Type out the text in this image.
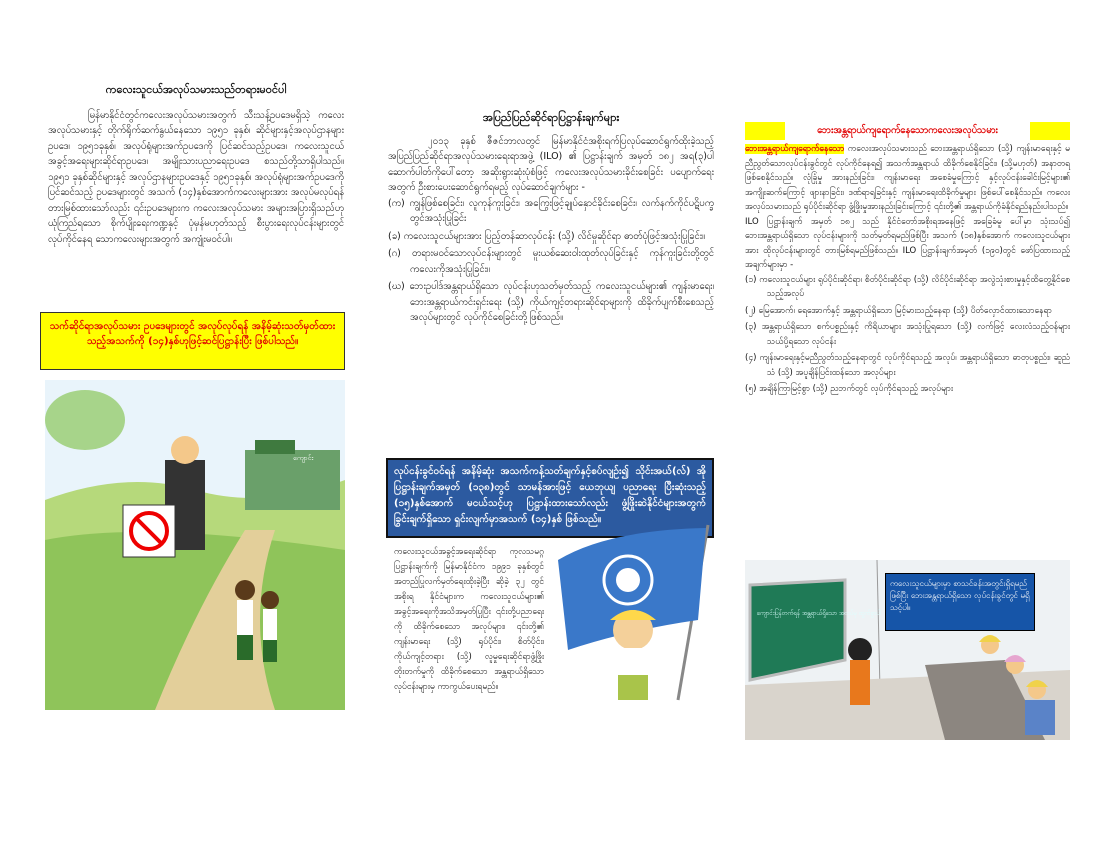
ကလေးသူငယ်အလုပ်သမားသည်တရားမဝင်ပါ

မြန်မာနိုင်ငံတွင်ကလေးအလုပ်သမားအတွက် သီးသန့်ဥပဒေမရှိသဲ့ ကလေးအလုပ်သမားနှင့် တိုက်ရိုက်ဆက်နွယ်နေသော ၁၉၅၁ ခုနှစ်၊ ဆိုင်များနှင့်အလုပ်ဌာနများ ဥပဒေ၊ ၁၉၅၁ခုနှစ်၊ အလုပ်ရုံများအက်ဥပဒေကို ပြင်ဆင်သည့်ဥပဒေ၊ ကလေးသူငယ်အခွင့်အရေးများဆိုင်ရာဥပဒေ၊ အမျိုးသားပညာရေးဥပဒေ စသည်တို့သာရှိပါသည်။ ၁၉၅၁ ခုနှစ်ဆိုင်များနှင့် အလုပ်ဌာနများဥပဒေနှင့် ၁၉၅၁ခုနှစ်၊ အလုပ်ရုံများအက်ဥပဒေကို ပြင်ဆင်သည့် ဥပဒေများတွင် အသက် (၁၄)နှစ်အောက်ကလေးများအား အလုပ်မလုပ်ရန်တားမြစ်ထားသော်လည်း ၎င်းဥပဒေများက ကလေးအလုပ်သမား အများအပြားရှိသည်ဟု ယုံကြည်ရသော စိုက်ပျိုးရေးကဏ္ဍနှင့် ပုံမှန်မဟုတ်သည့် စီးပွားရေးလုပ်ငန်းများတွင်လုပ်ကိုင်နေရ သောကလေးများအတွက် အကျုံးမဝင်ပါ။

သက်ဆိုင်ရာအလုပ်သမား ဥပဒေများတွင် အလုပ်လုပ်ရန် အနိမ့်ဆုံးသတ်မှတ်ထားသည့်အသက်ကို (၁၄)နှစ်ဟုဖြင့်ဆင်ပြဋ္ဌာန်းပြီး ဖြစ်ပါသည်။
ကျောင်း
အပြည်ပြည်ဆိုင်ရာပြဋ္ဌာန်းချက်များ

၂၀၁၃ ခုနှစ် ဇီဇင်ဘာလတွင် မြန်မာနိုင်ငံအစိုးရက်ပြလုပ်ဆောင်ရွက်ထိုးခဲ့သည့် အပြည်ပြည်ဆိုင်ရာအလုပ်သမားရေးရာအဖွဲ့ (ILO) ၏ ပြဋ္ဌာန်းချက် အမှတ် ၁၈၂ အရ(၃)ပါ ဆောက်ပါတ်ကိုပေါ်တော့ အဆိုးရွားဆုံးပုံစံဖြင့် ကလေးအလုပ်သမားခိုင်းစေခြင်း ပပျောက်ရေးအတွက် ဦးစားပေးဆောင်ရွက်ရမည့် လုပ်ဆောင်ချက်များ -

(က) ကျွန်ဖြစ်စေခြင်း၊ လူကုန်ကူးခြင်း၊ အကြွေးဖြင့်ချုပ်နှောင်ခိုင်းစေခြင်း၊ လက်နက်ကိုင်ပဋိပက္ခတွင်အသုံးပြုခြင်း
(ခ) ကလေးသူငယ်များအား ပြည့်တန်ဆာလုပ်ငန်း (သို့) လိင်မှုဆိုင်ရာ ဓာတ်ပုံဖြင့်အသုံးပြုခြင်း။
(ဂ) တရားမဝင်သောလုပ်ငန်းများတွင် မူးယစ်ဆေးဝါးထုတ်လုပ်ခြင်းနှင့် ကုန်ကူးခြင်းတို့တွင် ကလေးကိုအသုံးပြုခြင်း။
(ဃ) ဘေးဥပါဒ်အန္တရာယ်ရှိသော လုပ်ငန်းဟုသတ်မှတ်သည့် ကလေးသူငယ်များ၏ ကျန်းမာရေး၊ ဘေးအန္တရာယ်ကင်းရှင်းရေး (သို့) ကိုယ်ကျင့်တရားဆိုင်ရာများကို ထိခိုက်ပျက်စီးစေသည့် အလုပ်များတွင် လုပ်ကိုင်စေခြင်းတို့ဖြစ်သည်။
လုပ်ငန်းခွင်ဝင်ရန် အနိမ့်ဆုံး အသက်ကန့်သတ်ချက်နှင့်စပ်လျဉ်း၍ သိုင်းအယ်(လ်) အိုပြဋ္ဌာန်းချက်အမှတ် (၁၃၈)တွင် သာမန်အားဖြင့် ယေဘုယျ ပညာရေး ပြီးဆုံးသည့် (၁၅)နှစ်အောက် မငယ်သင့်ဟု ပြဋ္ဌာန်းထားသော်လည်း ဖွံ့ဖြိုးဆဲနိုင်ငံများအတွက် ခြွင်းချက်ရှိသော ရှင်းလျက်မှာအသက် (၁၄)နှစ် ဖြစ်သည်။
ကလေးသူငယ်အခွင့်အရေးဆိုင်ရာ ကုလသမဂ္ဂပြဋ္ဌာန်းချက်ကို မြန်မာနိုင်ငံက ၁၉၉၁ ခုနှစ်တွင်အတည်ပြုလက်မှတ်ရေးထိုးခဲ့ပြီး ဆိုခဲ့ ၃၂ တွင် အစိုးရ နိုင်ငံများက ကလေးသူငယ်များ၏ အခွင့်အရေးကိုအသိအမှတ်ပြုပြီး ၎င်းတို့ပညာရေးကို ထိခိုက်စေသော အလုပ်များ၊ ၎င်းတို့၏ ကျန်းမာရေး (သို့) ရုပ်ပိုင်း၊ စိတ်ပိုင်း၊ ကိုယ်ကျင့်တရား (သို့) လူမှုရေးဆိုင်ရာဖွံ့ဖြိုးတိုးတက်မှုကို ထိခိုက်စေသော အန္တရာယ်ရှိသောလုပ်ငန်းများမှ ကာကွယ်ပေးရမည်။
ဘေးအန္တရာယ်ကျရောက်နေသောကလေးအလုပ်သမား

ဘေးအန္တရာယ်ကျရောက်နေသော ကလေးအလုပ်သမားသည် ဘေးအန္တရာယ်ရှိသော (သို့) ကျန်းမာရေးနှင့် မညီညွတ်သောလုပ်ငန်းခွင်တွင် လုပ်ကိုင်နေရ၍ အသက်အန္တရာယ် ထိခိုက်စေနိုင်ခြင်း၊ (သို့မဟုတ်) အနာတရဖြစ်စေနိုင်သည်။ လုံခြုံမှု အားနည်းခြင်း၊ ကျန်းမာရေး အစေခံမှုကြောင့် နှင့်လုပ်ငန်းခေါင်းမြင့်များ၏ အကျိုးဆက်ကြောင့် ဖျားနာခြင်း၊ ဒဏ်ရာရခြင်းနှင့် ကျန်းမာရေးထိခိုက်မှုများ ဖြစ်ပေါ်စေနိုင်သည်။ ကလေးအလုပ်သမားသည် ရုပ်ပိုင်းဆိုင်ရာ ဖွံ့ဖြိုးမှုအားနည်းခြင်းကြောင့် ၎င်းတို့၏ အန္တရာယ်ကိုခံနိုင်ရည်နည်းပါသည်။

ILO ပြဋ္ဌာန်းချက် အမှတ် ၁၈၂ သည် နိုင်ငံတော်အစိုးရအနေဖြင့် အခြေခံမူ ပေါ်မှာ သုံးသပ်၍ ဘေးအန္တရာယ်ရှိသော လုပ်ငန်းများကို သတ်မှတ်ရမည်ဖြစ်ပြီး အသက် (၁၈)နှစ်အောက် ကလေးသူငယ်များအား ထိုလုပ်ငန်းများတွင် တားမြစ်ရမည်ဖြစ်သည်။ ILO ပြဋ္ဌာန်းချက်အမှတ် (၁၉၀)တွင် ဖော်ပြထားသည့် အချက်များမှာ -

(၁) ကလေးသူငယ်များ ရုပ်ပိုင်းဆိုင်ရာ၊ စိတ်ပိုင်းဆိုင်ရာ (သို့) လိင်ပိုင်းဆိုင်ရာ အလွဲသုံးစားမှုနှင့်ထိတွေ့နိုင်စေသည့်အလုပ်
(၂) မြေအောက်၊ ရေအောက်နှင့် အန္တရာယ်ရှိသော မြင့်မားသည့်နေရာ (သို့) ပိတ်လှောင်ထားသောနေရာ
(၃) အန္တရာယ်ရှိသော စက်ပစ္စည်းနှင့် ကိရိယာများ အသုံးပြုရသော (သို့) လက်ဖြင့် လေးလံသည့်ဝန်များ သယ်ပို့ရသော လုပ်ငန်း
(၄) ကျန်းမာရေးနှင့်မညီညွတ်သည့်နေရာတွင် လုပ်ကိုင်ရသည့် အလုပ်၊ အန္တရာယ်ရှိသော ဓာတုပစ္စည်း၊ ဆူညံသံ (သို့) အပူချိန်ပြင်းထန်သော အလုပ်များ
(၅) အချိန်ကြာမြင့်စွာ (သို့) ညဘက်တွင် လုပ်ကိုင်ရသည့် အလုပ်များ
ကျောင်းပြန်တက်ရန် အန္တရာယ်ရှိသော အလုပ်မှ ထွက်ခွာပါ
ကလေးသူငယ်များမှာ စာသင်ခန်းအတွင်းရှိရမည်ဖြစ်ပြီး ဘေးအန္တရာယ်ရှိသော လုပ်ငန်းခွင်တွင် မရှိသင့်ပါ။
